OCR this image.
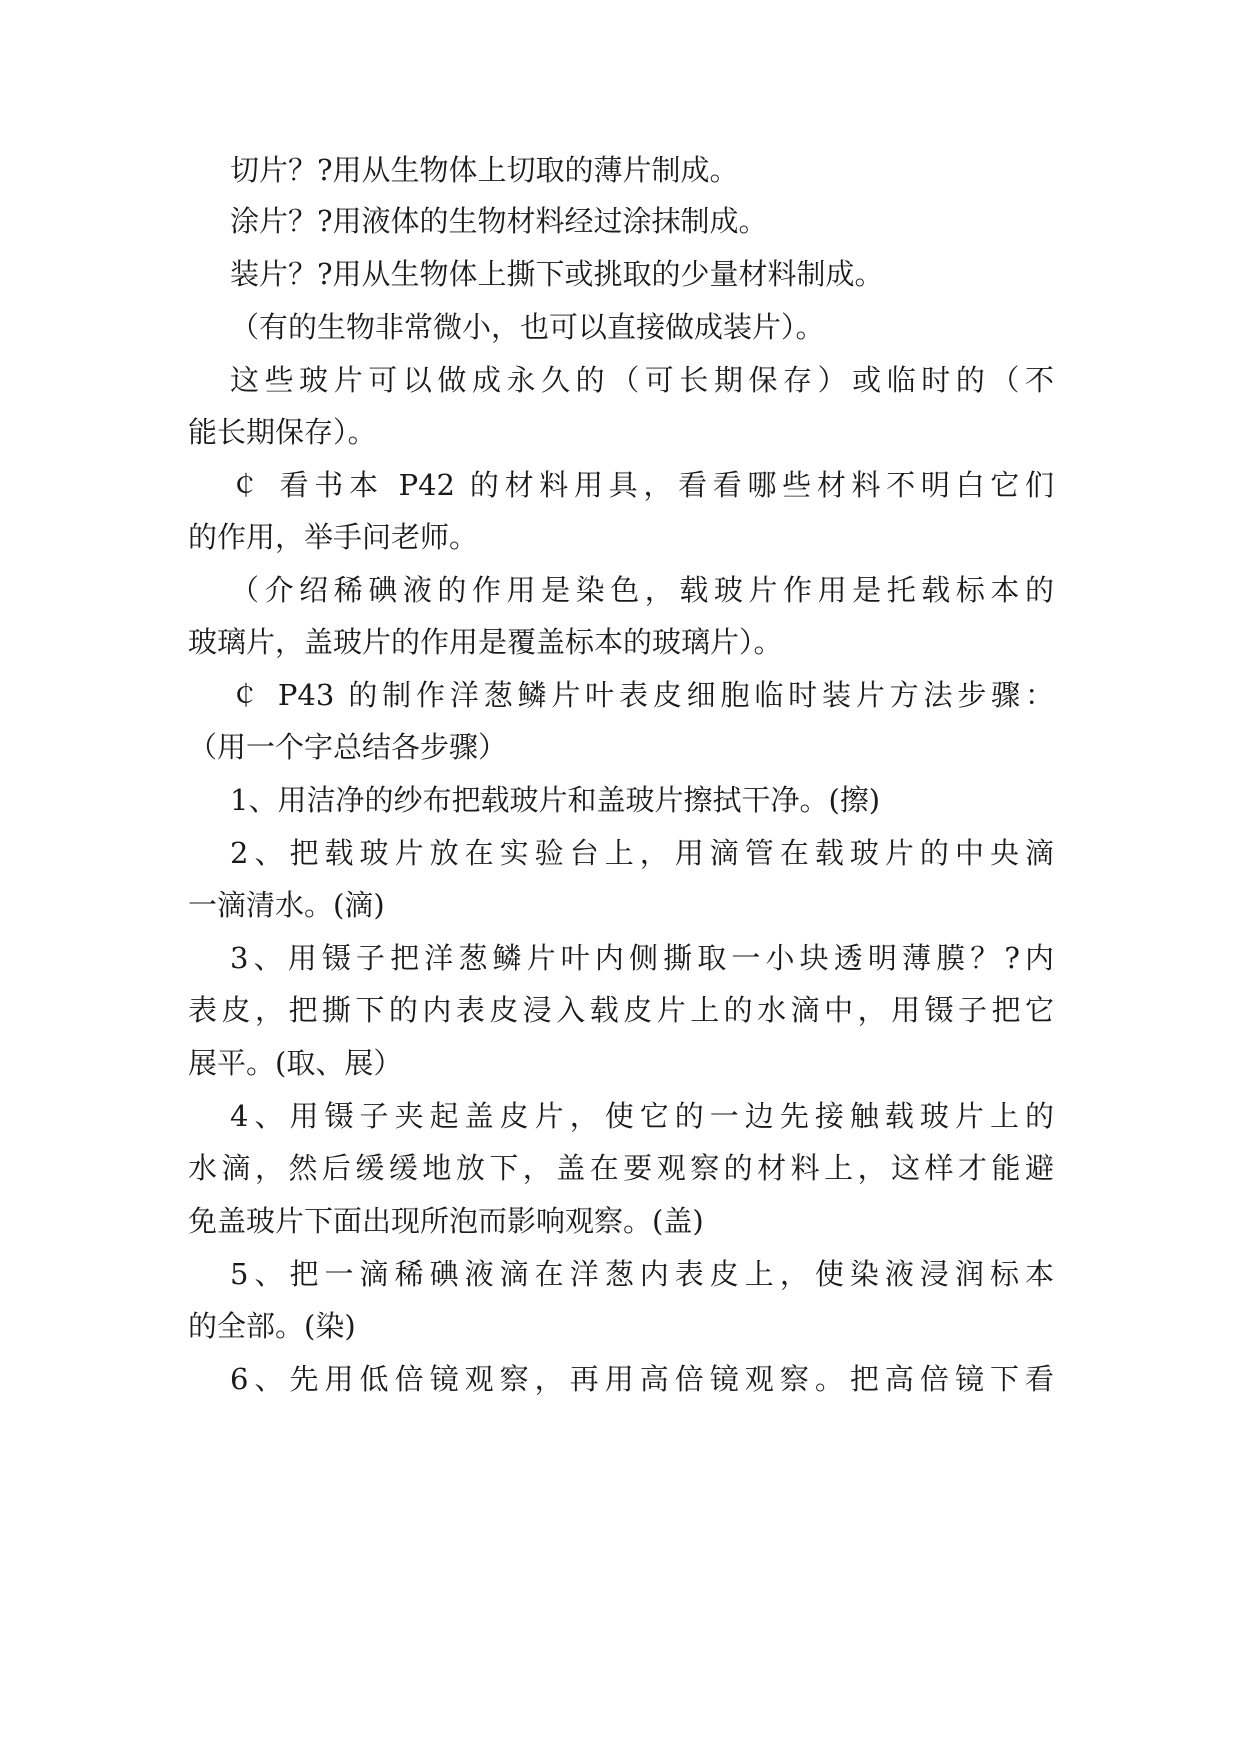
切片？?用从生物体上切取的薄片制成。
涂片？?用液体的生物材料经过涂抹制成。
装片？?用从生物体上撕下或挑取的少量材料制成。
（有的生物非常微小，也可以直接做成装片）。
这些玻片可以做成永久的（可长期保存）或临时的（不
能长期保存）。
￠ 看书本 P42 的材料用具，看看哪些材料不明白它们
的作用，举手问老师。
（介绍稀碘液的作用是染色，载玻片作用是托载标本的
玻璃片，盖玻片的作用是覆盖标本的玻璃片）。
￠ P43 的制作洋葱鳞片叶表皮细胞临时装片方法步骤：
（用一个字总结各步骤）
1、用洁净的纱布把载玻片和盖玻片擦拭干净。(擦)
2、把载玻片放在实验台上，用滴管在载玻片的中央滴
一滴清水。(滴)
3、用镊子把洋葱鳞片叶内侧撕取一小块透明薄膜？?内
表皮，把撕下的内表皮浸入载皮片上的水滴中，用镊子把它
展平。(取、展）
4、用镊子夹起盖皮片，使它的一边先接触载玻片上的
水滴，然后缓缓地放下，盖在要观察的材料上，这样才能避
免盖玻片下面出现所泡而影响观察。(盖)
5、把一滴稀碘液滴在洋葱内表皮上，使染液浸润标本
的全部。(染)
6、先用低倍镜观察，再用高倍镜观察。把高倍镜下看
